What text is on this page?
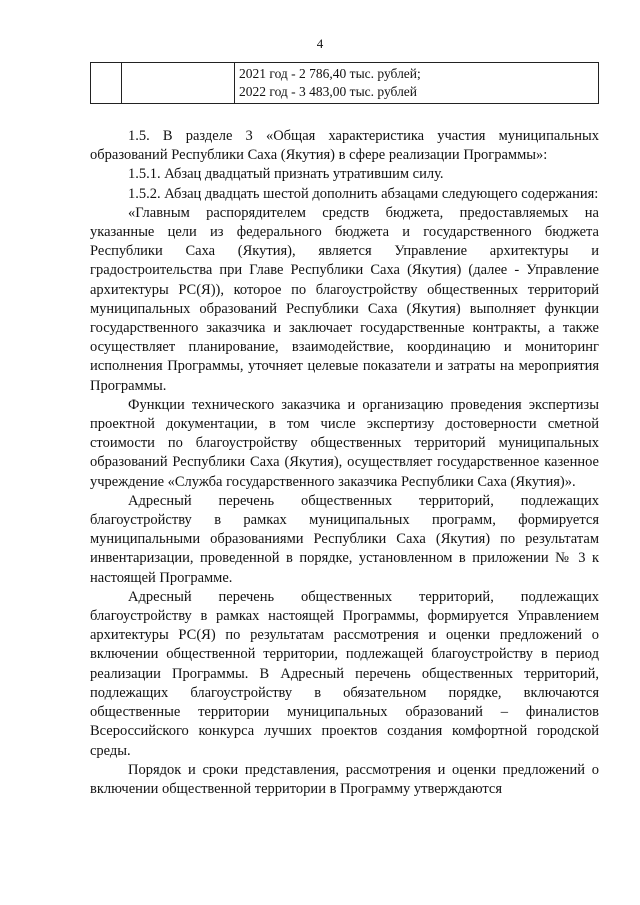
4

2021 год - 2 786,40 тыс. рублей;
2022 год - 3 483,00 тыс. рублей

1.5. В разделе 3 «Общая характеристика участия муниципальных образований Республики Саха (Якутия) в сфере реализации Программы»:

1.5.1. Абзац двадцатый признать утратившим силу.

1.5.2. Абзац двадцать шестой дополнить абзацами следующего содержания:

«Главным распорядителем средств бюджета, предоставляемых на указанные цели из федерального бюджета и государственного бюджета Республики Саха (Якутия), является Управление архитектуры и градостроительства при Главе Республики Саха (Якутия) (далее - Управление архитектуры РС(Я)), которое по благоустройству общественных территорий муниципальных образований Республики Саха (Якутия) выполняет функции государственного заказчика и заключает государственные контракты, а также осуществляет планирование, взаимодействие, координацию и мониторинг исполнения Программы, уточняет целевые показатели и затраты на мероприятия Программы.

Функции технического заказчика и организацию проведения экспертизы проектной документации, в том числе экспертизу достоверности сметной стоимости по благоустройству общественных территорий муниципальных образований Республики Саха (Якутия), осуществляет государственное казенное учреждение «Служба государственного заказчика Республики Саха (Якутия)».

Адресный перечень общественных территорий, подлежащих благоустройству в рамках муниципальных программ, формируется муниципальными образованиями Республики Саха (Якутия) по результатам инвентаризации, проведенной в порядке, установленном в приложении № 3 к настоящей Программе.

Адресный перечень общественных территорий, подлежащих благоустройству в рамках настоящей Программы, формируется Управлением архитектуры РС(Я) по результатам рассмотрения и оценки предложений о включении общественной территории, подлежащей благоустройству в период реализации Программы. В Адресный перечень общественных территорий, подлежащих благоустройству в обязательном порядке, включаются общественные территории муниципальных образований – финалистов Всероссийского конкурса лучших проектов создания комфортной городской среды.

Порядок и сроки представления, рассмотрения и оценки предложений о включении общественной территории в Программу утверждаются
